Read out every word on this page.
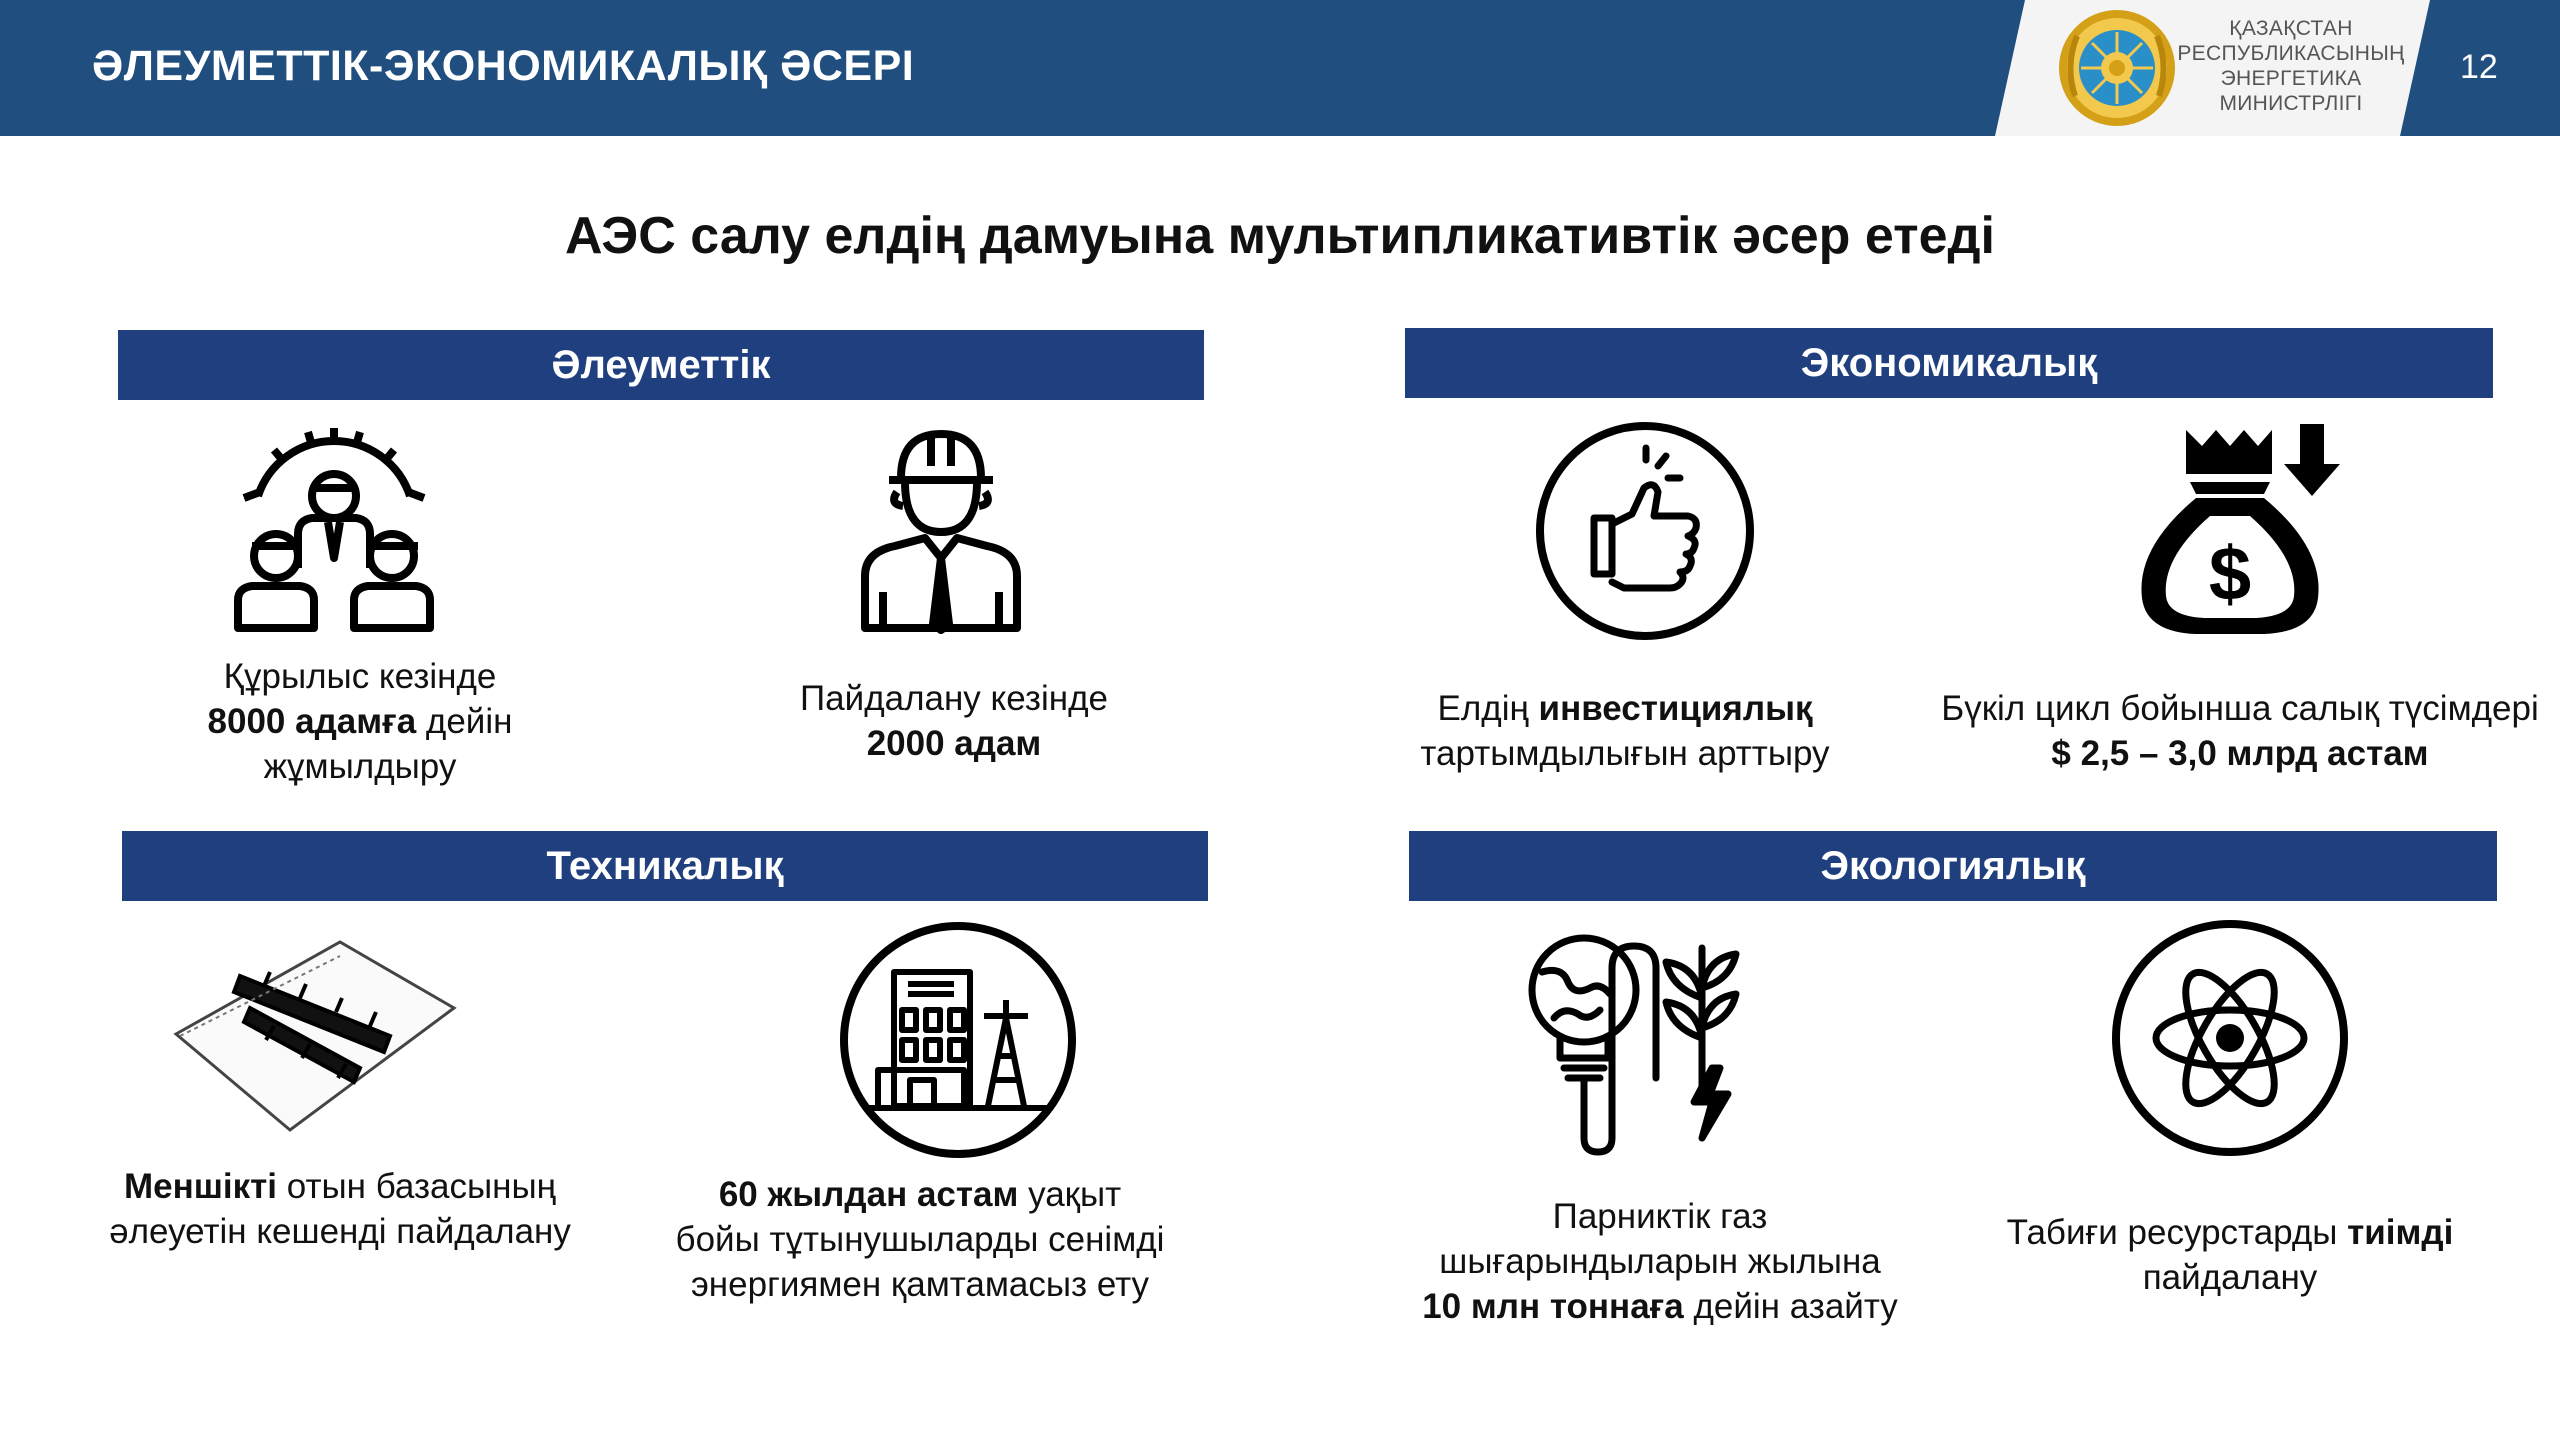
ӘЛЕУМЕТТІК-ЭКОНОМИКАЛЫҚ ӘСЕРІ
ҚАЗАҚСТАН
РЕСПУБЛИКАСЫНЫҢ
ЭНЕРГЕТИКА
МИНИСТРЛІГІ
12
АЭС салу елдің дамуына мультипликативтік әсер етеді
Әлеуметтік	Экономикалық
Техникалық	Экологиялық
Құрылыс кезінде
8000 адамға дейін
жұмылдыру
Пайдалану кезінде
2000 адам
$
Елдің инвестициялық
тартымдылығын арттыру
Бүкіл цикл бойынша салық түсімдері
$ 2,5 – 3,0 млрд астам
Меншікті отын базасының
әлеуетін кешенді пайдалану
60 жылдан астам уақыт
бойы тұтынушыларды сенімді
энергиямен қамтамасыз ету
Парниктік газ
шығарындыларын жылына
10 млн тоннаға дейін азайту
Табиғи ресурстарды тиімді
пайдалану
